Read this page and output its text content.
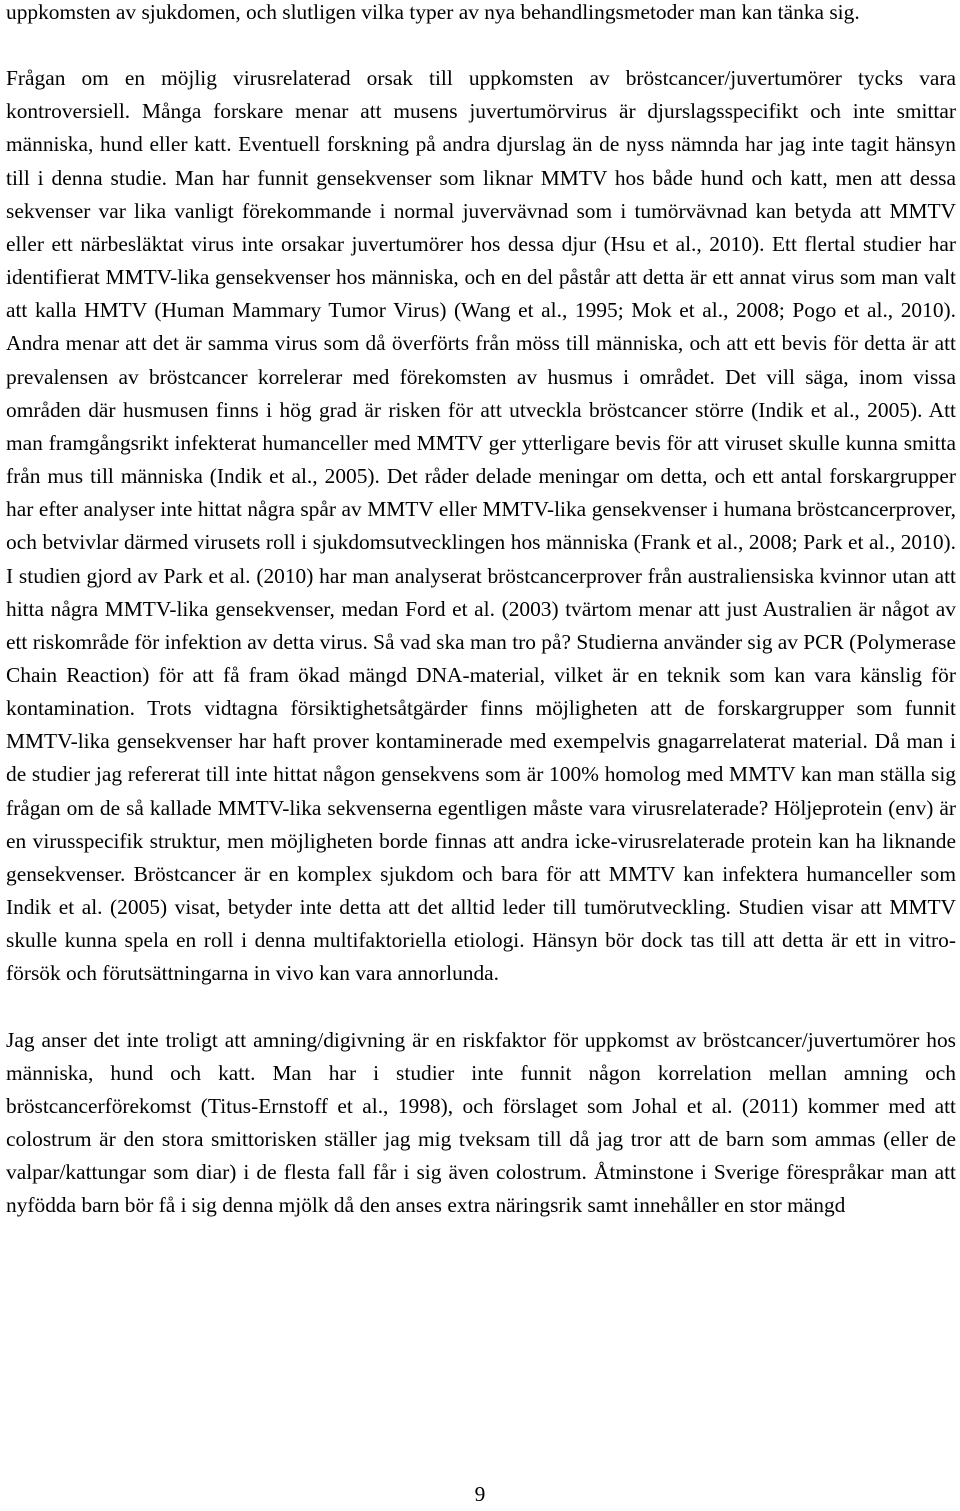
uppkomsten av sjukdomen, och slutligen vilka typer av nya behandlingsmetoder man kan tänka sig.

Frågan om en möjlig virusrelaterad orsak till uppkomsten av bröstcancer/juvertumörer tycks vara kontroversiell. Många forskare menar att musens juvertumörvirus är djurslagsspecifikt och inte smittar människa, hund eller katt. Eventuell forskning på andra djurslag än de nyss nämnda har jag inte tagit hänsyn till i denna studie. Man har funnit gensekvenser som liknar MMTV hos både hund och katt, men att dessa sekvenser var lika vanligt förekommande i normal juvervävnad som i tumörvävnad kan betyda att MMTV eller ett närbesläktat virus inte orsakar juvertumörer hos dessa djur (Hsu et al., 2010). Ett flertal studier har identifierat MMTV-lika gensekvenser hos människa, och en del påstår att detta är ett annat virus som man valt att kalla HMTV (Human Mammary Tumor Virus) (Wang et al., 1995; Mok et al., 2008; Pogo et al., 2010). Andra menar att det är samma virus som då överförts från möss till människa, och att ett bevis för detta är att prevalensen av bröstcancer korrelerar med förekomsten av husmus i området. Det vill säga, inom vissa områden där husmusen finns i hög grad är risken för att utveckla bröstcancer större (Indik et al., 2005). Att man framgångsrikt infekterat humanceller med MMTV ger ytterligare bevis för att viruset skulle kunna smitta från mus till människa (Indik et al., 2005). Det råder delade meningar om detta, och ett antal forskargrupper har efter analyser inte hittat några spår av MMTV eller MMTV-lika gensekvenser i humana bröstcancerprover, och betvivlar därmed virusets roll i sjukdomsutvecklingen hos människa (Frank et al., 2008; Park et al., 2010). I studien gjord av Park et al. (2010) har man analyserat bröstcancerprover från australiensiska kvinnor utan att hitta några MMTV-lika gensekvenser, medan Ford et al. (2003) tvärtom menar att just Australien är något av ett riskområde för infektion av detta virus. Så vad ska man tro på? Studierna använder sig av PCR (Polymerase Chain Reaction) för att få fram ökad mängd DNA-material, vilket är en teknik som kan vara känslig för kontamination. Trots vidtagna försiktighetsåtgärder finns möjligheten att de forskargrupper som funnit MMTV-lika gensekvenser har haft prover kontaminerade med exempelvis gnagarrelaterat material. Då man i de studier jag refererat till inte hittat någon gensekvens som är 100% homolog med MMTV kan man ställa sig frågan om de så kallade MMTV-lika sekvenserna egentligen måste vara virusrelaterade? Höljeprotein (env) är en virusspecifik struktur, men möjligheten borde finnas att andra icke-virusrelaterade protein kan ha liknande gensekvenser. Bröstcancer är en komplex sjukdom och bara för att MMTV kan infektera humanceller som Indik et al. (2005) visat, betyder inte detta att det alltid leder till tumörutveckling. Studien visar att MMTV skulle kunna spela en roll i denna multifaktoriella etiologi. Hänsyn bör dock tas till att detta är ett in vitro-försök och förutsättningarna in vivo kan vara annorlunda.

Jag anser det inte troligt att amning/digivning är en riskfaktor för uppkomst av bröstcancer/juvertumörer hos människa, hund och katt. Man har i studier inte funnit någon korrelation mellan amning och bröstcancerförekomst (Titus-Ernstoff et al., 1998), och förslaget som Johal et al. (2011) kommer med att colostrum är den stora smittorisken ställer jag mig tveksam till då jag tror att de barn som ammas (eller de valpar/kattungar som diar) i de flesta fall får i sig även colostrum. Åtminstone i Sverige förespråkar man att nyfödda barn bör få i sig denna mjölk då den anses extra näringsrik samt innehåller en stor mängd

9
